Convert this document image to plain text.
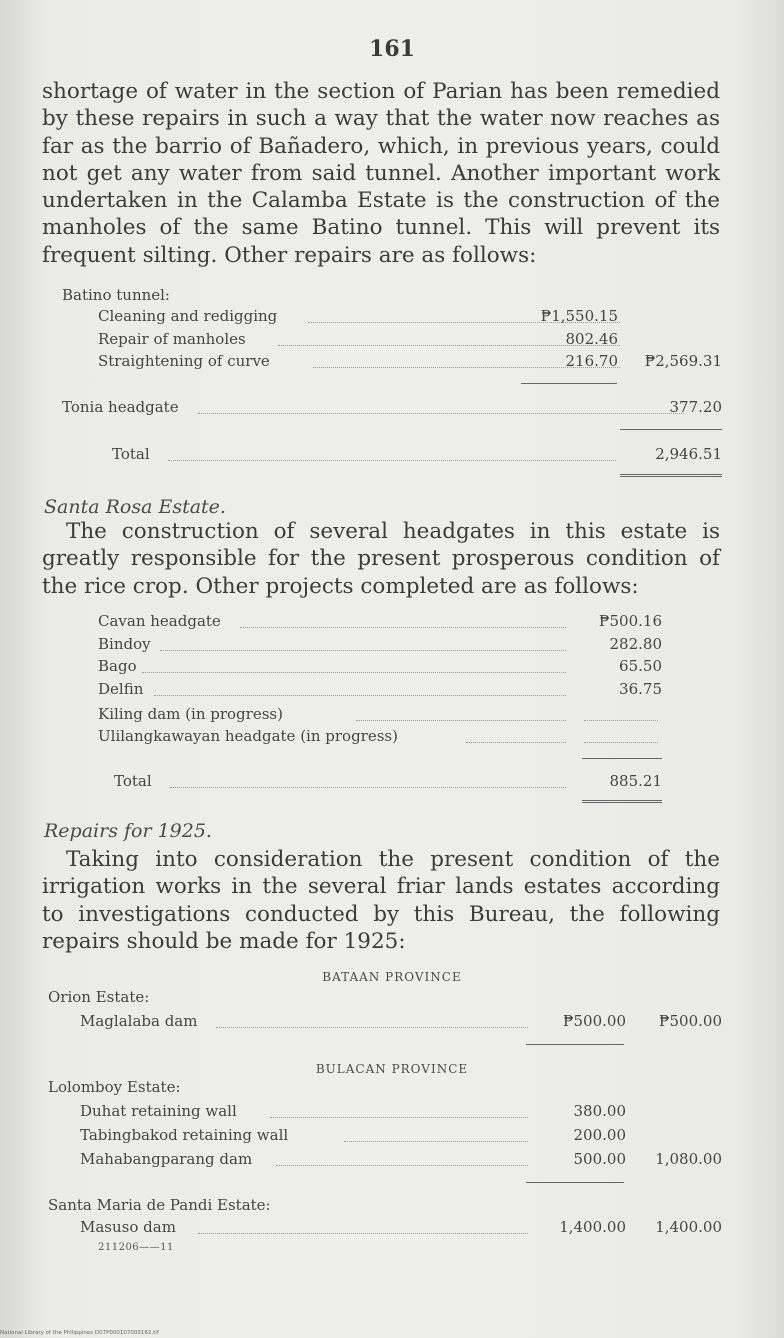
161

shortage of water in the section of Parian has been remedied by these repairs in such a way that the water now reaches as far as the barrio of Bañadero, which, in previous years, could not get any water from said tunnel. Another important work undertaken in the Calamba Estate is the construction of the manholes of the same Batino tunnel. This will prevent its frequent silting. Other repairs are as follows:

Batino tunnel:
Cleaning and redigging	₱1,550.15
Repair of manholes	802.46
Straightening of curve	216.70 ₱2,569.31
Tonia headgate	377.20
Total	2,946.51
Santa Rosa Estate.

The construction of several headgates in this estate is greatly responsible for the present prosperous condition of the rice crop. Other projects completed are as follows:

Cavan headgate	₱500.16
Bindoy	282.80
Bago	65.50
Delfin	36.75
Kiling dam (in progress)
Ulilangkawayan headgate (in progress)
Total	885.21
Repairs for 1925.

Taking into consideration the present condition of the irrigation works in the several friar lands estates according to investigations conducted by this Bureau, the following repairs should be made for 1925:

BATAAN PROVINCE
Orion Estate:
Maglalaba dam	₱500.00 ₱500.00
BULACAN PROVINCE
Lolomboy Estate:
Duhat retaining wall	380.00
Tabingbakod retaining wall	200.00
Mahabangparang dam	500.00 1,080.00
Santa Maria de Pandi Estate:
Masuso dam	1,400.00 1,400.00
211206——11
National Library of the Philippines D07P000107000162.tif
